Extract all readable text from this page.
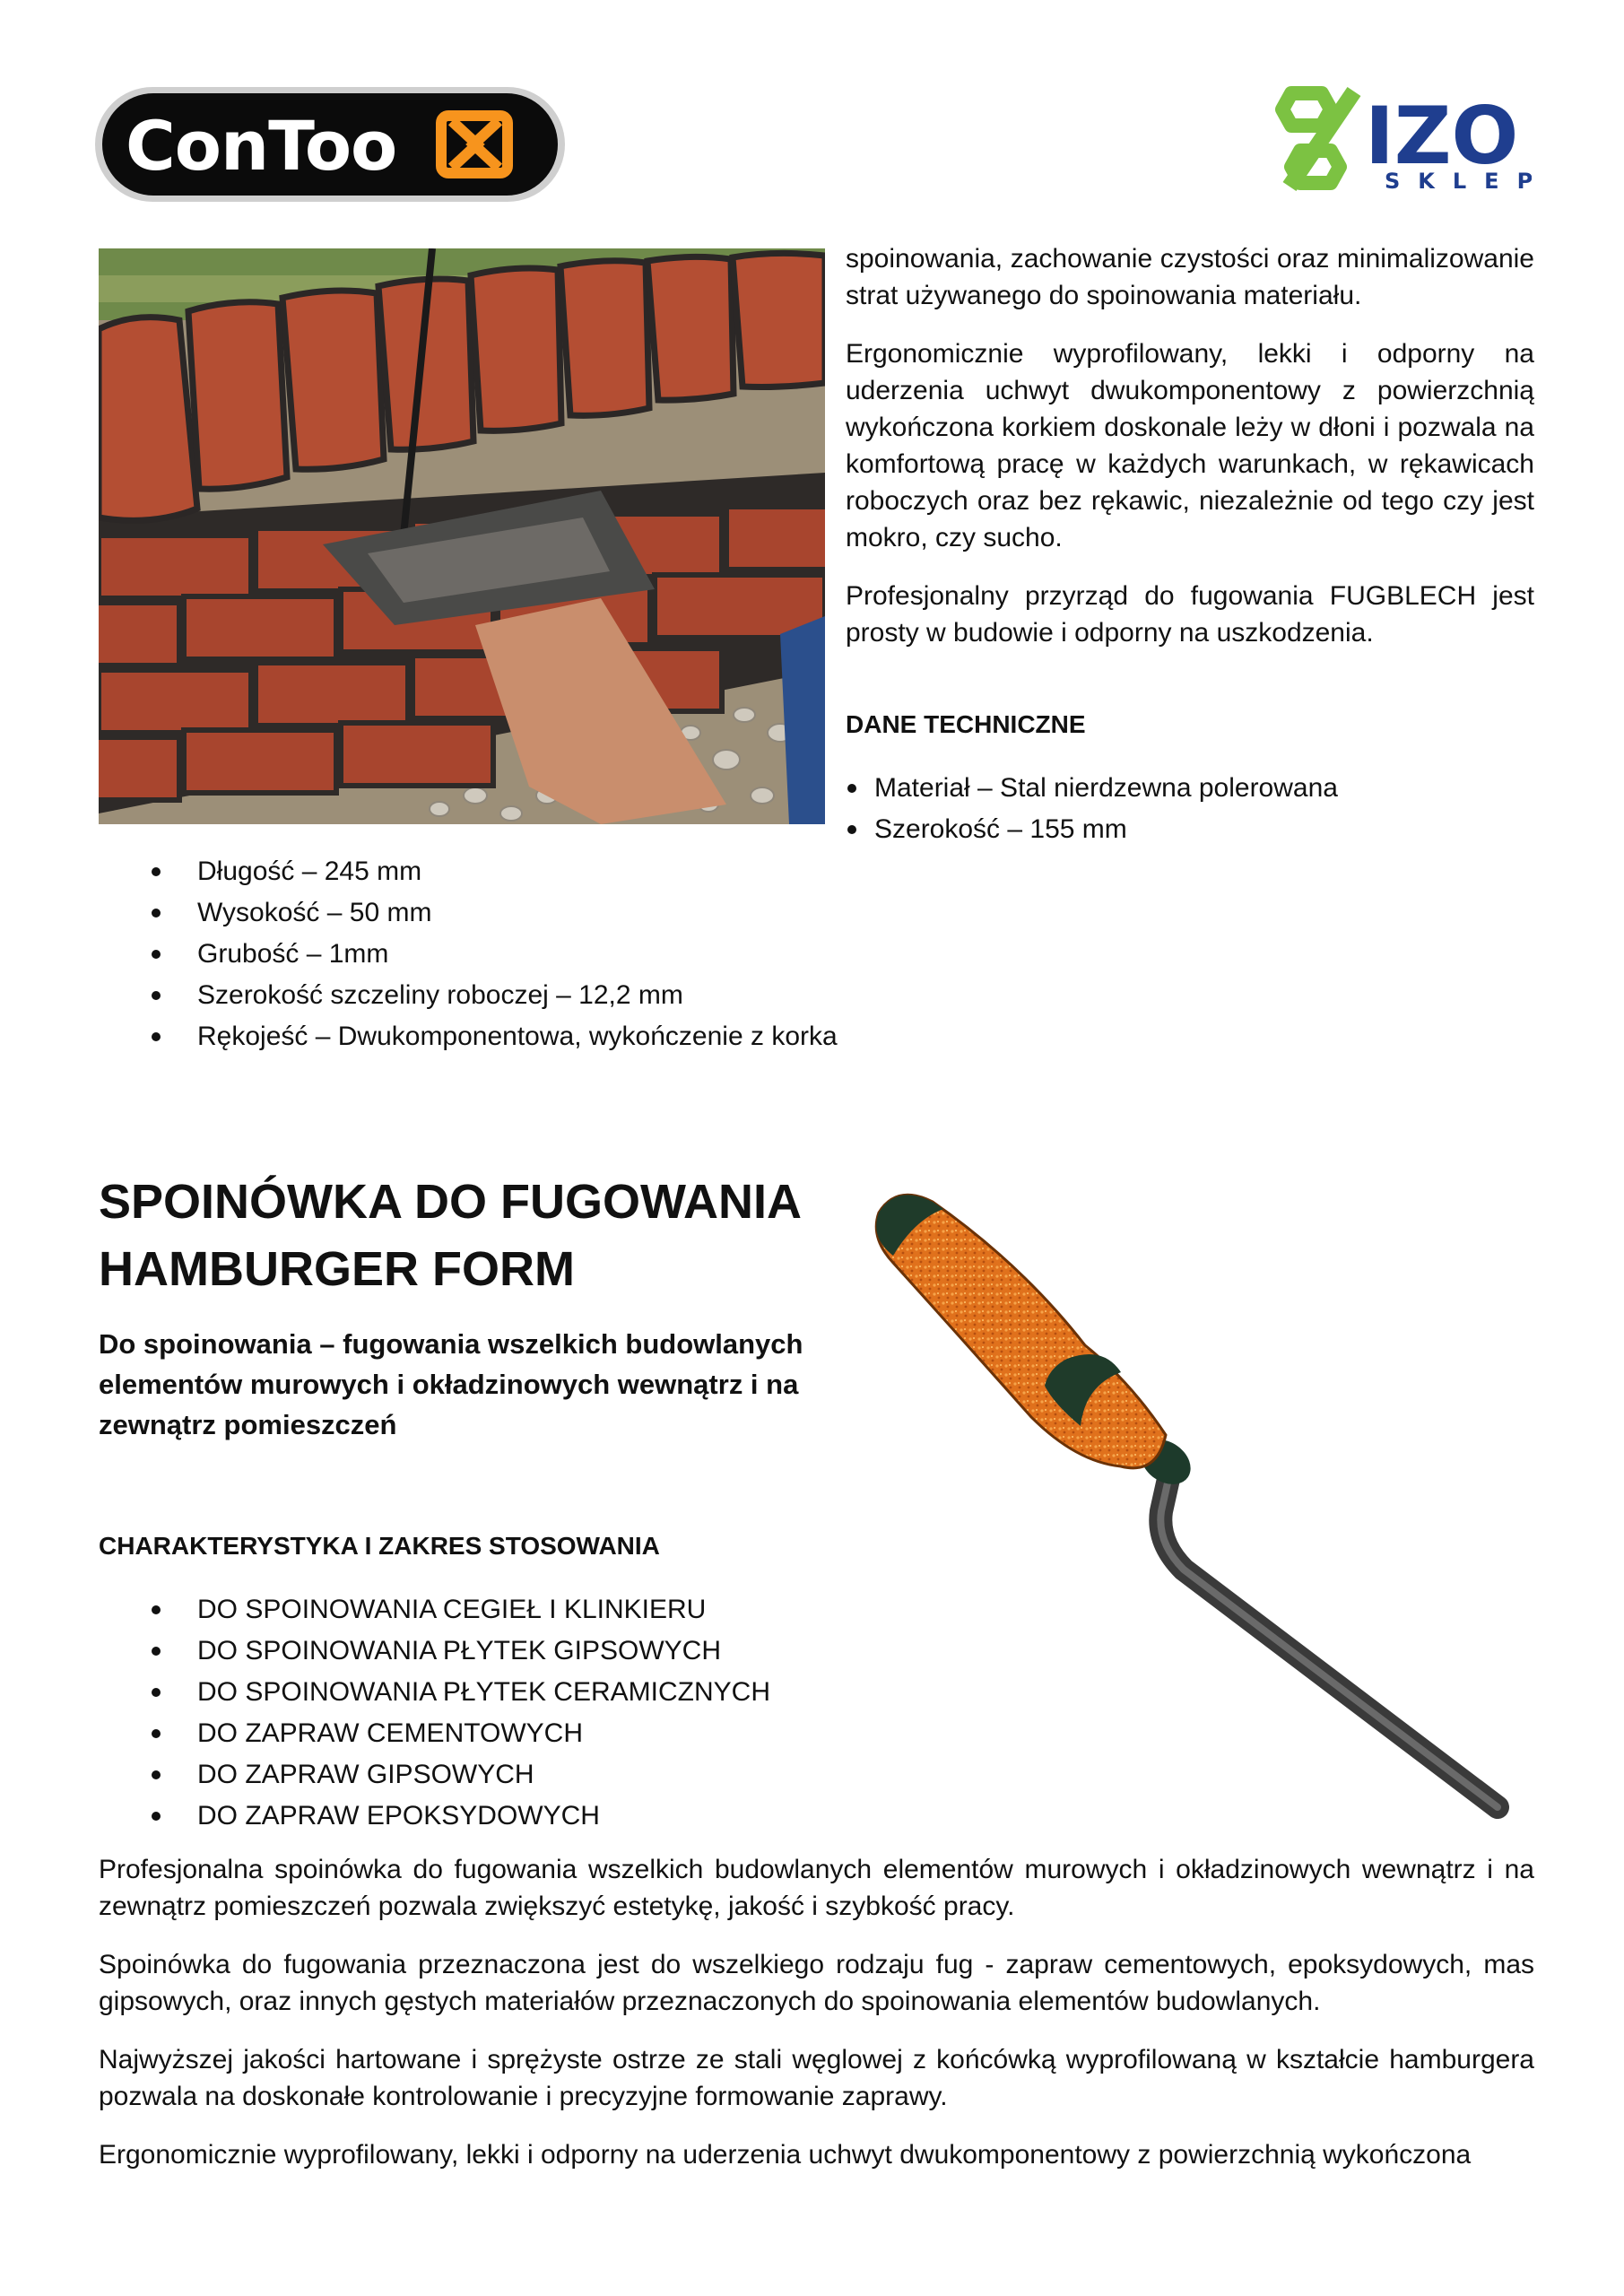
ConToo	IZO
SKLE

spoinowania, zachowanie czystości oraz minimalizowanie strat używanego do spoinowania materiału.

Ergonomicznie wyprofilowany, lekki i odporny na uderzenia uchwyt dwukomponentowy z powierzchnią wykończona korkiem doskonale leży w dłoni i pozwala na komfortową pracę w każdych warunkach, w rękawicach roboczych oraz bez rękawic, niezależnie od tego czy jest mokro, czy sucho.

Profesjonalny przyrząd do fugowania FUGBLECH jest prosty w budowie i odporny na uszkodzenia.

DANE TECHNICZNE
Materiał – Stal nierdzewna polerowana
Szerokość – 155 mm
Długość – 245 mm
Wysokość – 50 mm
Grubość – 1mm
Szerokość szczeliny roboczej – 12,2 mm
Rękojeść – Dwukomponentowa, wykończenie z korka
SPOINÓWKA DO FUGOWANIA
HAMBURGER FORM
Do spoinowania – fugowania wszelkich budowlanych elementów murowych i okładzinowych wewnątrz i na zewnątrz pomieszczeń
CHARAKTERYSTYKA I ZAKRES STOSOWANIA
DO SPOINOWANIA CEGIEŁ I KLINKIERU
DO SPOINOWANIA PŁYTEK GIPSOWYCH
DO SPOINOWANIA PŁYTEK CERAMICZNYCH
DO ZAPRAW CEMENTOWYCH
DO ZAPRAW GIPSOWYCH
DO ZAPRAW EPOKSYDOWYCH

Profesjonalna spoinówka do fugowania wszelkich budowlanych elementów murowych i okładzinowych wewnątrz i na zewnątrz pomieszczeń pozwala zwiększyć estetykę, jakość i szybkość pracy.

Spoinówka do fugowania przeznaczona jest do wszelkiego rodzaju fug - zapraw cementowych, epoksydowych, mas gipsowych, oraz innych gęstych materiałów przeznaczonych do spoinowania elementów budowlanych.

Najwyższej jakości hartowane i sprężyste ostrze ze stali węglowej z końcówką wyprofilowaną w kształcie hamburgera pozwala na doskonałe kontrolowanie i precyzyjne formowanie zaprawy.

Ergonomicznie wyprofilowany, lekki i odporny na uderzenia uchwyt dwukomponentowy z powierzchnią wykończona
